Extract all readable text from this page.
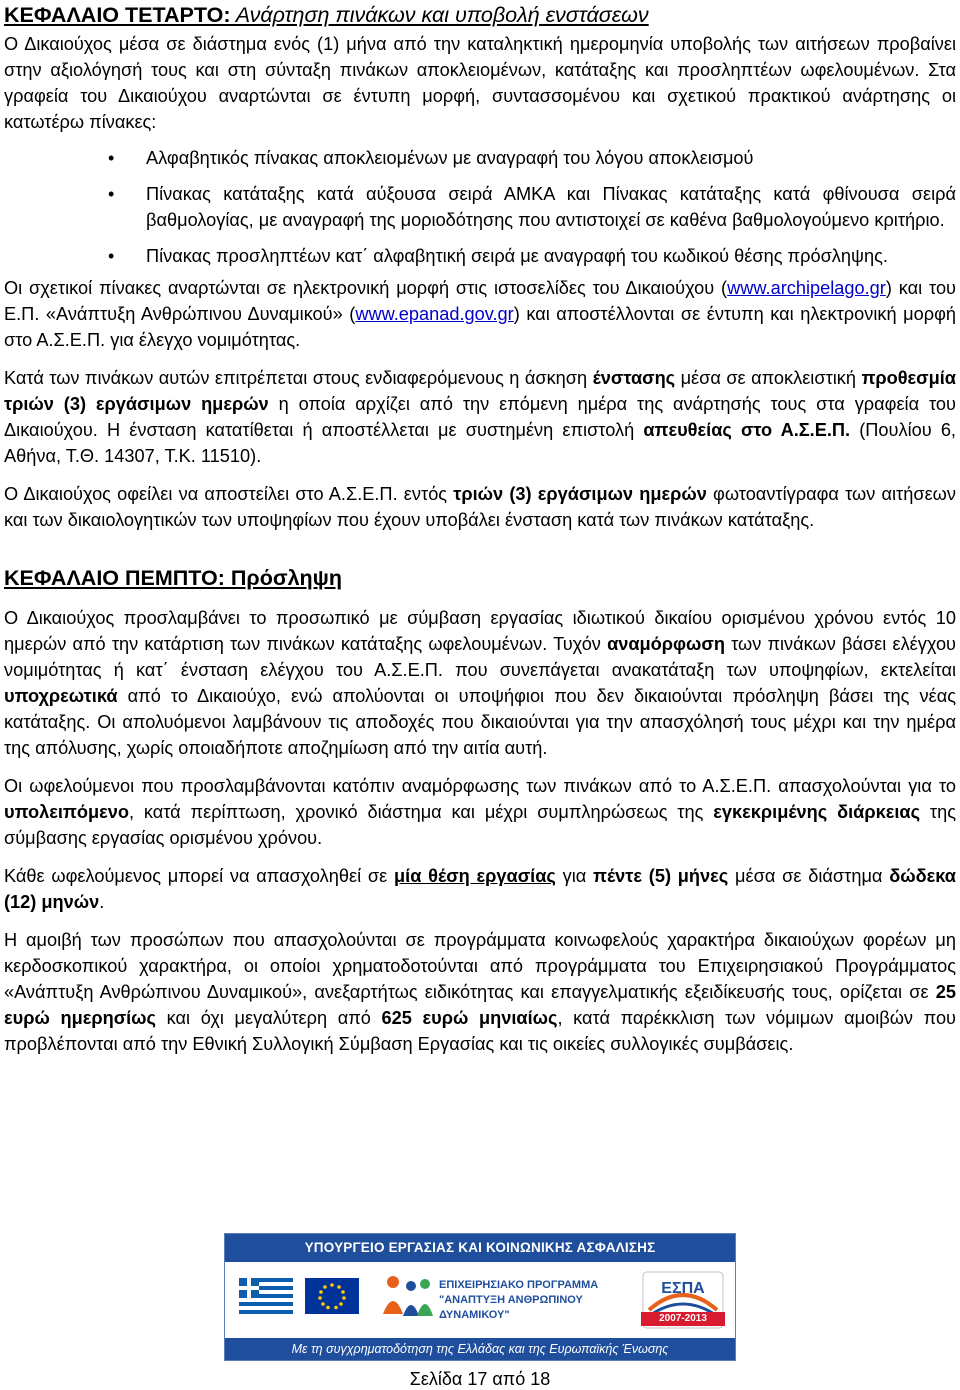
ΚΕΦΑΛΑΙΟ ΤΕΤΑΡΤΟ: Ανάρτηση πινάκων και υποβολή ενστάσεων

Ο Δικαιούχος μέσα σε διάστημα ενός (1) μήνα από την καταληκτική ημερομηνία υποβολής των αιτήσεων προβαίνει στην αξιολόγησή τους και στη σύνταξη πινάκων αποκλειομένων, κατάταξης και προσληπτέων ωφελουμένων. Στα γραφεία του Δικαιούχου αναρτώνται σε έντυπη μορφή, συντασσομένου και σχετικού πρακτικού ανάρτησης οι κατωτέρω πίνακες:

• Αλφαβητικός πίνακας αποκλειομένων με αναγραφή του λόγου αποκλεισμού
• Πίνακας κατάταξης κατά αύξουσα σειρά ΑΜΚΑ και Πίνακας κατάταξης κατά φθίνουσα σειρά βαθμολογίας, με αναγραφή της μοριοδότησης που αντιστοιχεί σε καθένα βαθμολογούμενο κριτήριο.
• Πίνακας προσληπτέων κατ΄ αλφαβητική σειρά με αναγραφή του κωδικού θέσης πρόσληψης.

Οι σχετικοί πίνακες αναρτώνται σε ηλεκτρονική μορφή στις ιστοσελίδες του Δικαιούχου (www.archipelago.gr) και του Ε.Π. «Ανάπτυξη Ανθρώπινου Δυναμικού» (www.epanad.gov.gr) και αποστέλλονται σε έντυπη και ηλεκτρονική μορφή στο Α.Σ.Ε.Π. για έλεγχο νομιμότητας.

Κατά των πινάκων αυτών επιτρέπεται στους ενδιαφερόμενους η άσκηση ένστασης μέσα σε αποκλειστική προθεσμία τριών (3) εργάσιμων ημερών η οποία αρχίζει από την επόμενη ημέρα της ανάρτησής τους στα γραφεία του Δικαιούχου. Η ένσταση κατατίθεται ή αποστέλλεται με συστημένη επιστολή απευθείας στο Α.Σ.Ε.Π. (Πουλίου 6, Αθήνα, Τ.Θ. 14307, Τ.Κ. 11510).

Ο Δικαιούχος οφείλει να αποστείλει στο Α.Σ.Ε.Π. εντός τριών (3) εργάσιμων ημερών φωτοαντίγραφα των αιτήσεων και των δικαιολογητικών των υποψηφίων που έχουν υποβάλει ένσταση κατά των πινάκων κατάταξης.

ΚΕΦΑΛΑΙΟ ΠΕΜΠΤΟ: Πρόσληψη

Ο Δικαιούχος προσλαμβάνει το προσωπικό με σύμβαση εργασίας ιδιωτικού δικαίου ορισμένου χρόνου εντός 10 ημερών από την κατάρτιση των πινάκων κατάταξης ωφελουμένων. Τυχόν αναμόρφωση των πινάκων βάσει ελέγχου νομιμότητας ή κατ΄ ένσταση ελέγχου του Α.Σ.Ε.Π. που συνεπάγεται ανακατάταξη των υποψηφίων, εκτελείται υποχρεωτικά από το Δικαιούχο, ενώ απολύονται οι υποψήφιοι που δεν δικαιούνται πρόσληψη βάσει της νέας κατάταξης. Οι απολυόμενοι λαμβάνουν τις αποδοχές που δικαιούνται για την απασχόλησή τους μέχρι και την ημέρα της απόλυσης, χωρίς οποιαδήποτε αποζημίωση από την αιτία αυτή.

Οι ωφελούμενοι που προσλαμβάνονται κατόπιν αναμόρφωσης των πινάκων από το Α.Σ.Ε.Π. απασχολούνται για το υπολειπόμενο, κατά περίπτωση, χρονικό διάστημα και μέχρι συμπληρώσεως της εγκεκριμένης διάρκειας της σύμβασης εργασίας ορισμένου χρόνου.

Κάθε ωφελούμενος μπορεί να απασχοληθεί σε μία θέση εργασίας για πέντε (5) μήνες μέσα σε διάστημα δώδεκα (12) μηνών.

Η αμοιβή των προσώπων που απασχολούνται σε προγράμματα κοινωφελούς χαρακτήρα δικαιούχων φορέων μη κερδοσκοπικού χαρακτήρα, οι οποίοι χρηματοδοτούνται από προγράμματα του Επιχειρησιακού Προγράμματος «Ανάπτυξη Ανθρώπινου Δυναμικού», ανεξαρτήτως ειδικότητας και επαγγελματικής εξειδίκευσής τους, ορίζεται σε 25 ευρώ ημερησίως και όχι μεγαλύτερη από 625 ευρώ μηνιαίως, κατά παρέκκλιση των νόμιμων αμοιβών που προβλέπονται από την Εθνική Συλλογική Σύμβαση Εργασίας και τις οικείες συλλογικές συμβάσεις.

ΥΠΟΥΡΓΕΙΟ ΕΡΓΑΣΙΑΣ ΚΑΙ ΚΟΙΝΩΝΙΚΗΣ ΑΣΦΑΛΙΣΗΣ
ΕΠΙΧΕΙΡΗΣΙΑΚΟ ΠΡΟΓΡΑΜΜΑ
"ΑΝΑΠΤΥΞΗ ΑΝΘΡΩΠΙΝΟΥ ΔΥΝΑΜΙΚΟΥ"
ΕΣΠΑ
2007-2013
Με τη συγχρηματοδότηση της Ελλάδας και της Ευρωπαϊκής Ένωσης
Σελίδα 17 από 18
